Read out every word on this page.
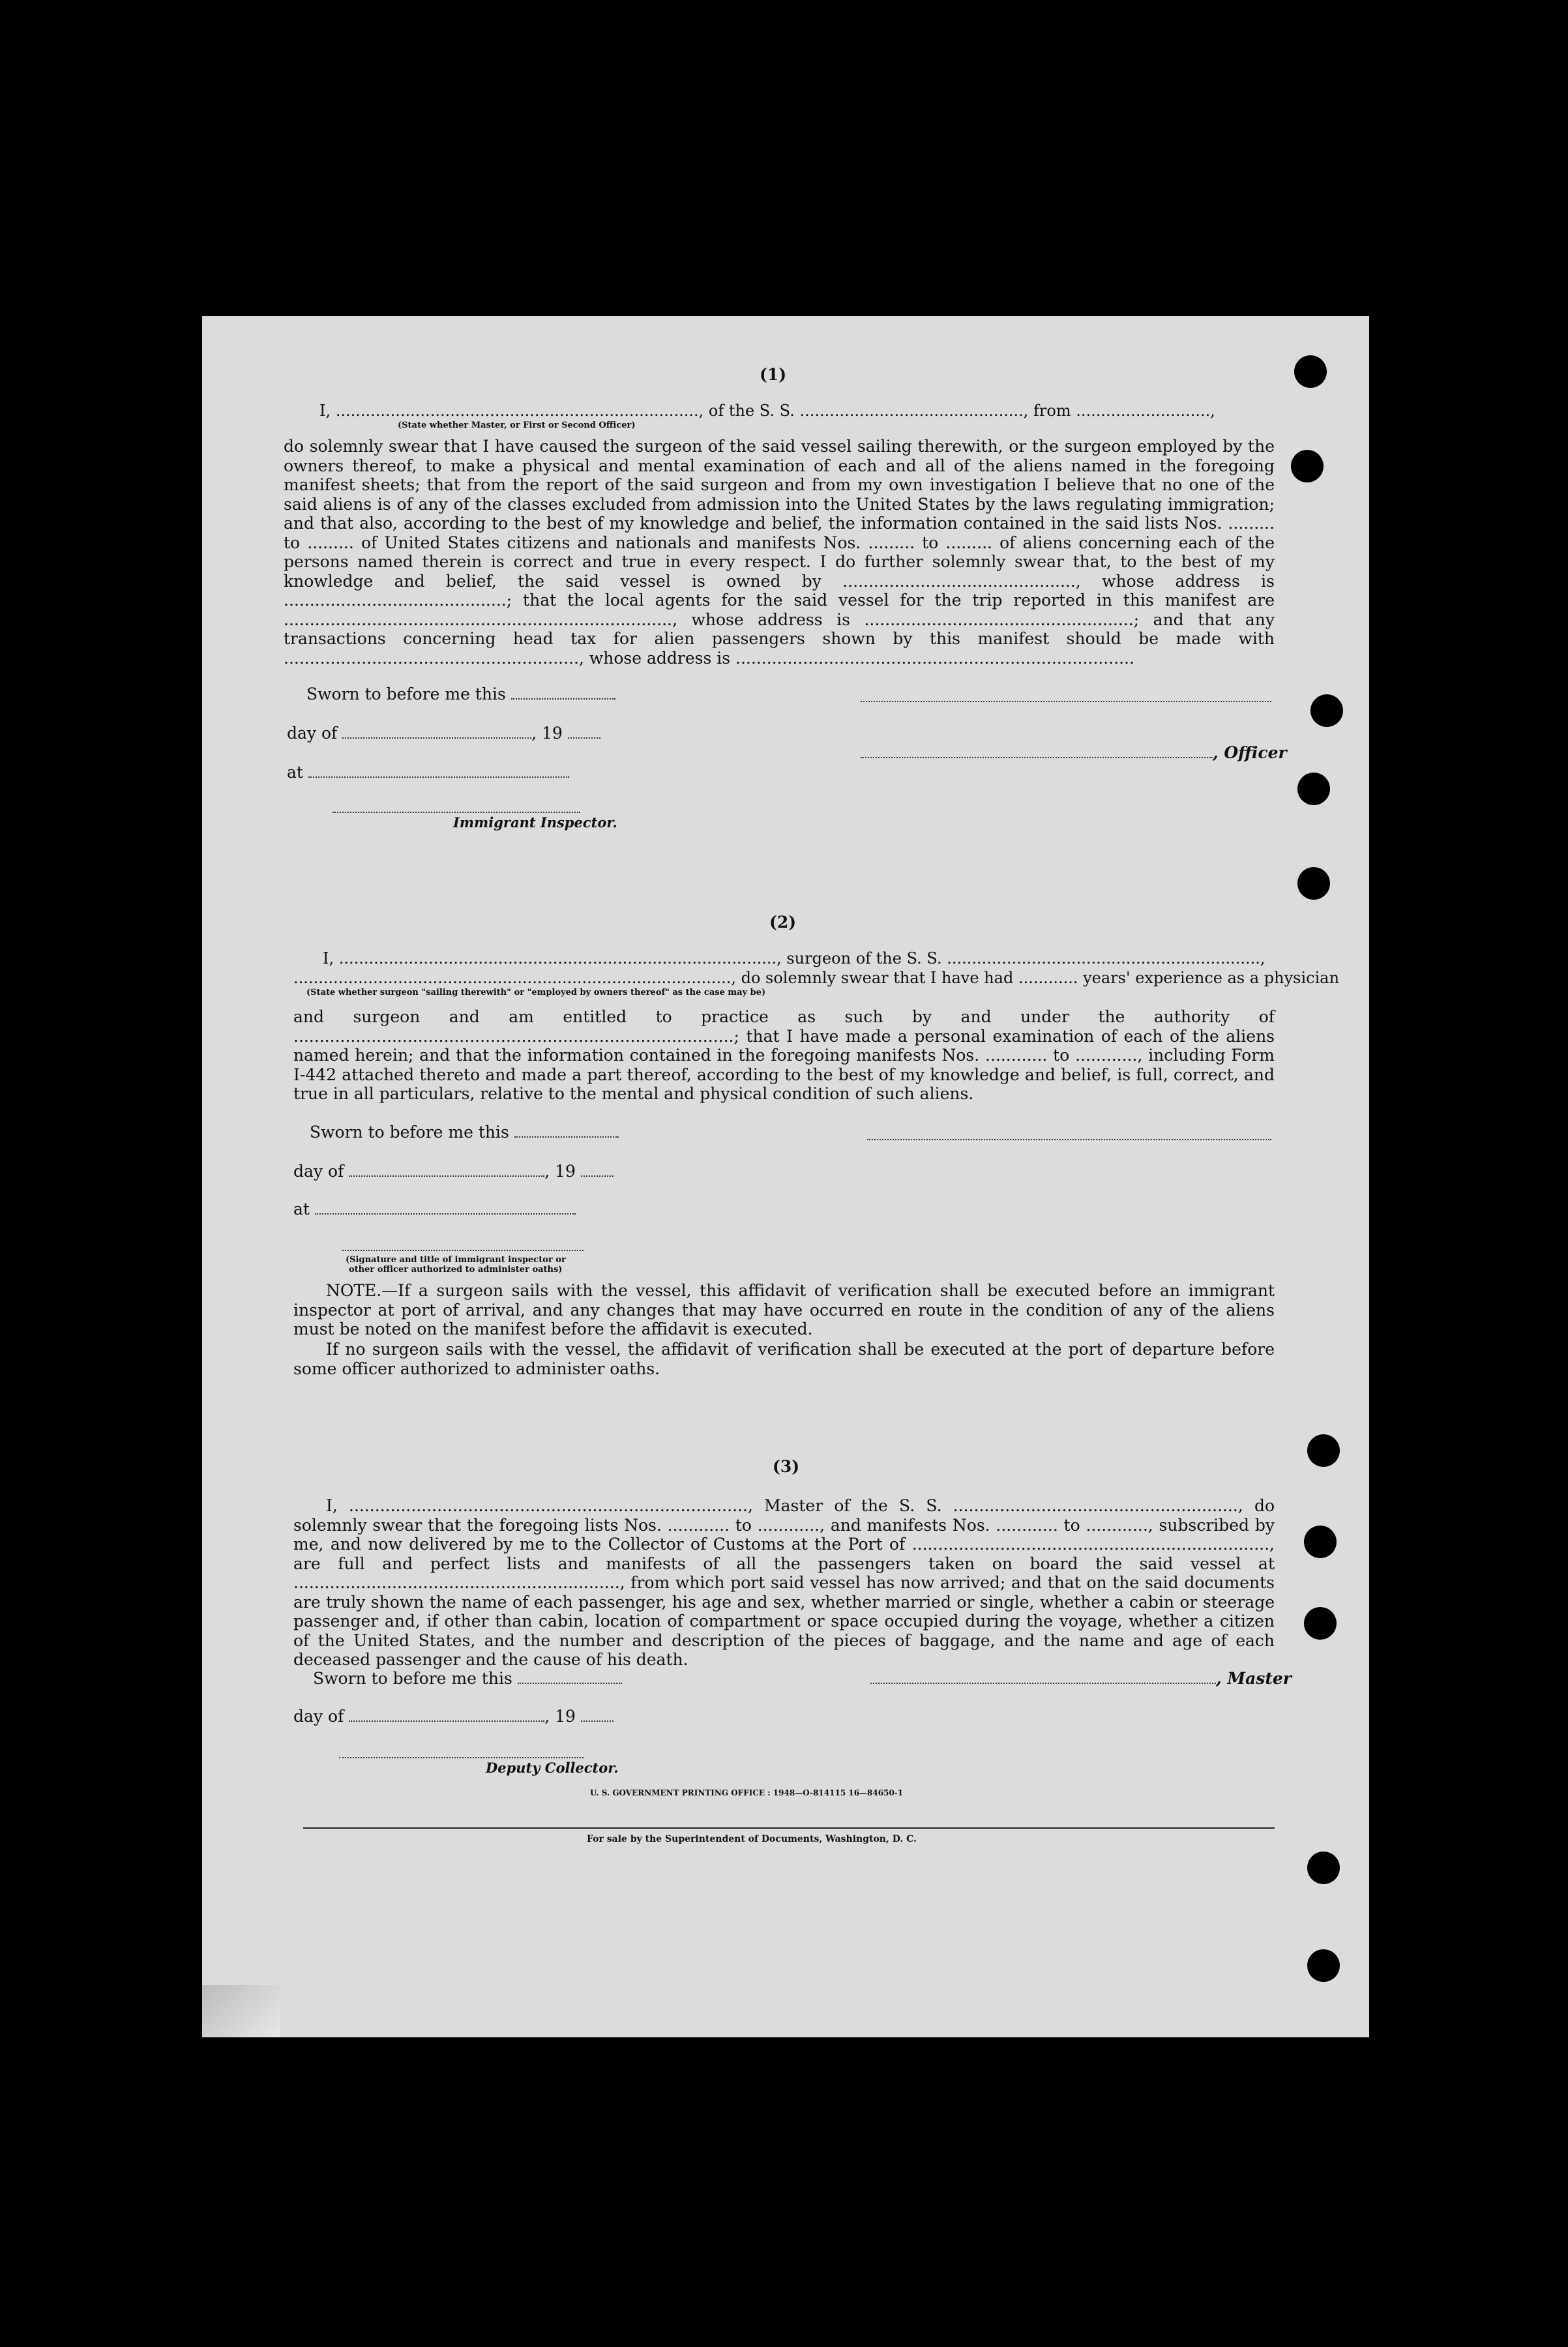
(1)
I, ........................................................................., of the S. S. ............................................., from ...........................,
(State whether Master, or First or Second Officer)
do solemnly swear that I have caused the surgeon of the said vessel sailing therewith, or the surgeon employed by the owners thereof, to make a physical and mental examination of each and all of the aliens named in the foregoing manifest sheets; that from the report of the said surgeon and from my own investigation I believe that no one of the said aliens is of any of the classes excluded from admission into the United States by the laws regulating immigration; and that also, according to the best of my knowledge and belief, the information contained in the said lists Nos. ......... to ......... of United States citizens and nationals and manifests Nos. ......... to ......... of aliens concerning each of the persons named therein is correct and true in every respect. I do further solemnly swear that, to the best of my knowledge and belief, the said vessel is owned by ............................................., whose address is ...........................................; that the local agents for the said vessel for the trip reported in this manifest are ..........................................................................., whose address is ....................................................; and that any transactions concerning head tax for alien passengers shown by this manifest should be made with ........................................................., whose address is .............................................................................
Sworn to before me this
day of	, 19
, Officer
at
Immigrant Inspector.
(2)
I, ........................................................................................, surgeon of the S. S. ...............................................................,
........................................................................................, do solemnly swear that I have had ............ years' experience as a physician
(State whether surgeon "sailing therewith" or "employed by owners thereof" as the case may be)
and surgeon and am entitled to practice as such by and under the authority of .....................................................................................; that I have made a personal examination of each of the aliens named herein; and that the information contained in the foregoing manifests Nos. ............ to ............, including Form I-442 attached thereto and made a part thereof, according to the best of my knowledge and belief, is full, correct, and true in all particulars, relative to the mental and physical condition of such aliens.
Sworn to before me this
day of	, 19
at
(Signature and title of immigrant inspector or
other officer authorized to administer oaths)
NOTE.—If a surgeon sails with the vessel, this affidavit of verification shall be executed before an immigrant inspector at port of arrival, and any changes that may have occurred en route in the condition of any of the aliens must be noted on the manifest before the affidavit is executed.
If no surgeon sails with the vessel, the affidavit of verification shall be executed at the port of departure before some officer authorized to administer oaths.
(3)
I, ............................................................................., Master of the S. S. ......................................................., do solemnly swear that the foregoing lists Nos. ............ to ............, and manifests Nos. ............ to ............, subscribed by me, and now delivered by me to the Collector of Customs at the Port of ....................................................................., are full and perfect lists and manifests of all the passengers taken on board the said vessel at ..............................................................., from which port said vessel has now arrived; and that on the said documents are truly shown the name of each passenger, his age and sex, whether married or single, whether a cabin or steerage passenger and, if other than cabin, location of compartment or space occupied during the voyage, whether a citizen of the United States, and the number and description of the pieces of baggage, and the name and age of each deceased passenger and the cause of his death.
Sworn to before me this	, Master
day of	, 19
Deputy Collector.
U. S. GOVERNMENT PRINTING OFFICE : 1948—O-814115 16—84650-1
For sale by the Superintendent of Documents, Washington, D. C.
